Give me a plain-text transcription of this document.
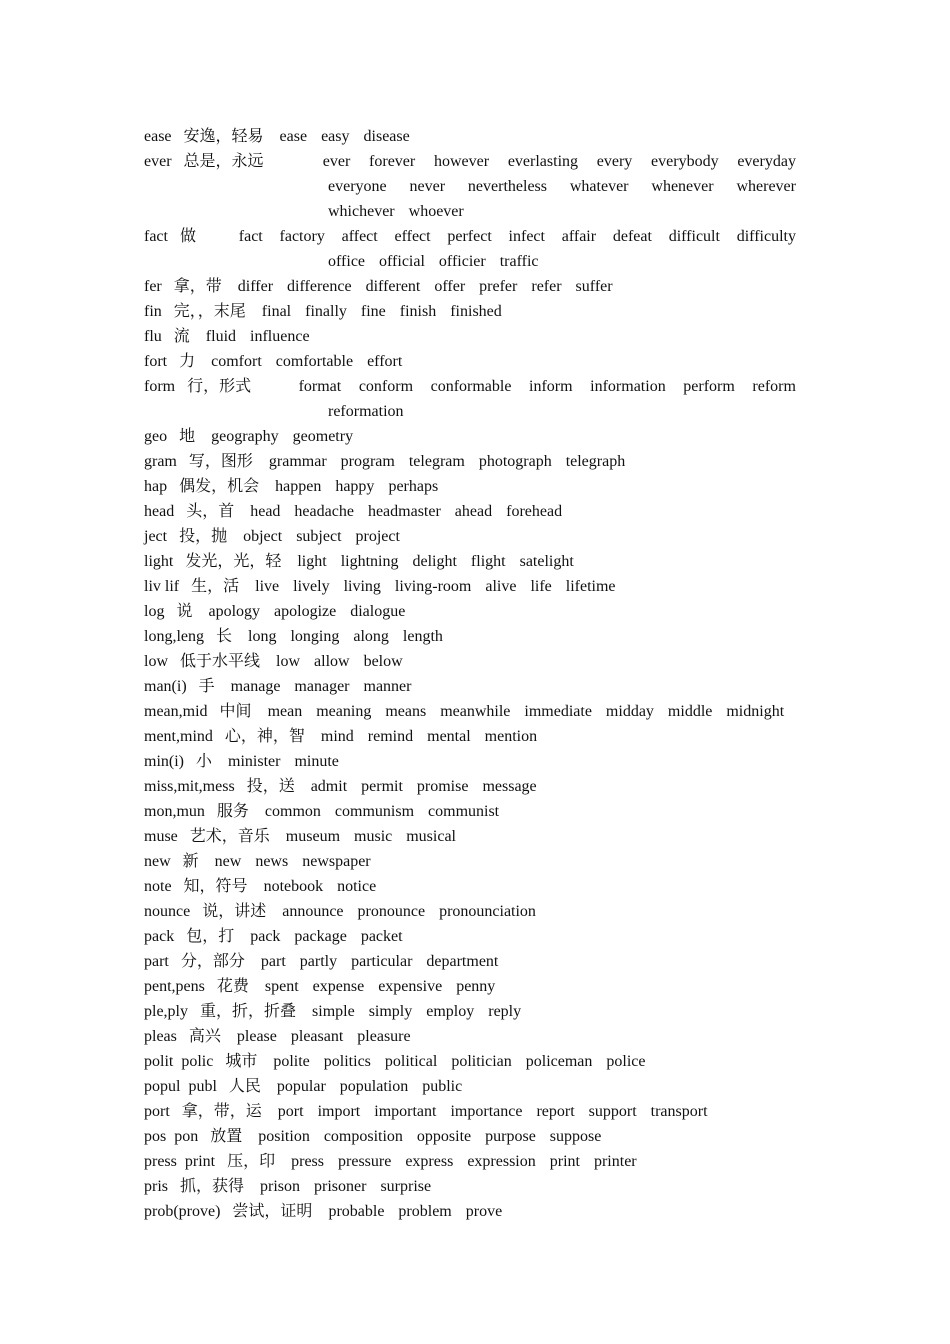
ease 安逸，轻易	ease easy disease
ever 总是，永远	ever forever however everlasting every everybody everyday
everyone never nevertheless whatever whenever wherever
whichever whoever
fact 做	fact factory affect effect perfect infect affair defeat difficult difficulty
office official officier traffic
fer 拿，带	differ difference different offer prefer refer suffer
fin 完，，末尾	final finally fine finish finished
flu 流	fluid influence
fort 力	comfort comfortable effort
form 行，形式	format conform conformable inform information perform reform
reformation
geo 地	geography geometry
gram 写，图形	grammar program telegram photograph telegraph
hap 偶发，机会	happen happy perhaps
head 头，首	head headache headmaster ahead forehead
ject 投，抛	object subject project
light 发光，光，轻	light lightning delight flight satelight
liv lif 生，活	live lively living living-room alive life lifetime
log 说	apology apologize dialogue
long,leng 长	long longing along length
low 低于水平线	low allow below
man(i) 手	manage manager manner
mean,mid 中间	mean meaning means meanwhile immediate midday middle midnight
ment,mind 心，神，智	mind remind mental mention
min(i) 小	minister minute
miss,mit,mess 投，送	admit permit promise message
mon,mun 服务	common communism communist
muse 艺术，音乐	museum music musical
new 新	new news newspaper
note 知，符号	notebook notice
nounce 说，讲述	announce pronounce pronounciation
pack 包，打	pack package packet
part 分，部分	part partly particular department
pent,pens 花费	spent expense expensive penny
ple,ply 重，折，折叠	simple simply employ reply
pleas 高兴	please pleasant pleasure
polit  polic 城市	polite politics political politician policeman police
popul  publ 人民	popular population public
port 拿，带，运	port import important importance report support transport
pos  pon 放置	position composition opposite purpose suppose
press  print 压，印	press pressure express expression print printer
pris 抓，获得	prison prisoner surprise
prob(prove) 尝试，证明	probable problem prove
